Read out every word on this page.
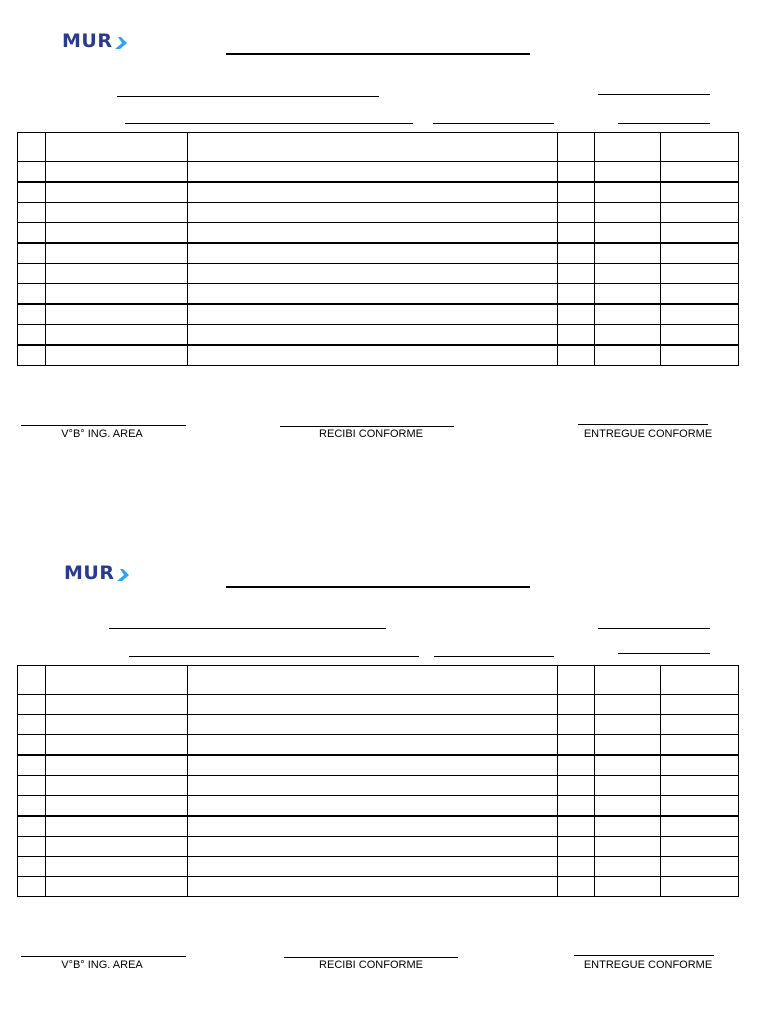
MUR

V°B° ING. AREA	RECIBI CONFORME	ENTREGUE CONFORME
MUR

V°B° ING. AREA	RECIBI CONFORME	ENTREGUE CONFORME
